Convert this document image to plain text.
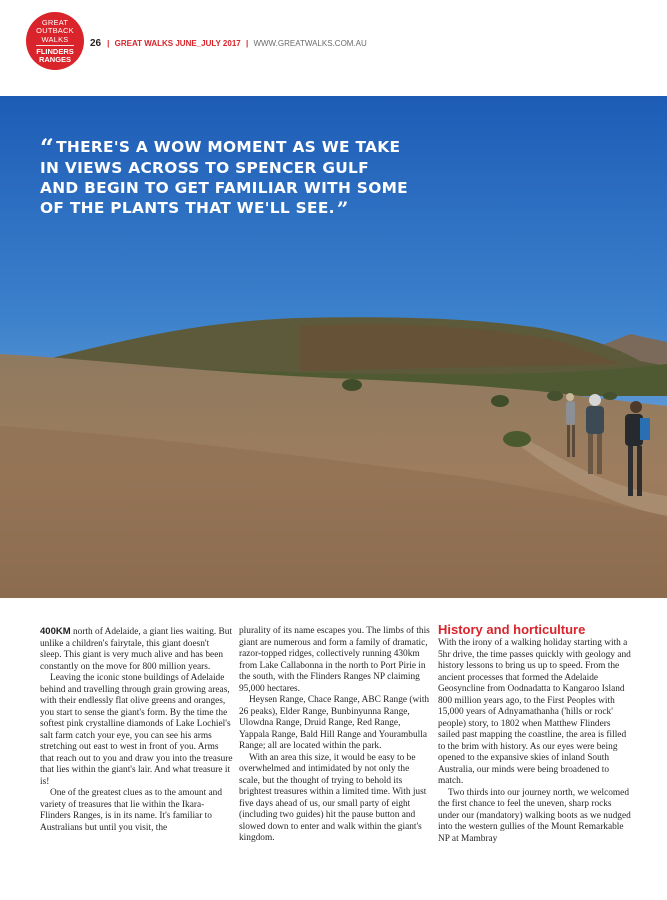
GREAT
OUTBACK
WALKS
FLINDERS
RANGES
26 | GREAT WALKS JUNE_JULY 2017 | WWW.GREATWALKS.COM.AU
“ THERE'S A WOW MOMENT AS WE TAKE
IN VIEWS ACROSS TO SPENCER GULF
AND BEGIN TO GET FAMILIAR WITH SOME
OF THE PLANTS THAT WE'LL SEE. ”

400KM north of Adelaide, a giant lies waiting. But unlike a children's fairytale, this giant doesn't sleep. This giant is very much alive and has been constantly on the move for 800 million years.

Leaving the iconic stone buildings of Adelaide behind and travelling through grain growing areas, with their endlessly flat olive greens and oranges, you start to sense the giant's form. By the time the softest pink crystalline diamonds of Lake Lochiel's salt farm catch your eye, you can see his arms stretching out east to west in front of you. Arms that reach out to you and draw you into the treasure that lies within the giant's lair. And what treasure it is!

One of the greatest clues as to the amount and variety of treasures that lie within the Ikara-Flinders Ranges, is in its name. It's familiar to Australians but until you visit, the

plurality of its name escapes you. The limbs of this giant are numerous and form a family of dramatic, razor-topped ridges, collectively running 430km from Lake Callabonna in the north to Port Pirie in the south, with the Flinders Ranges NP claiming 95,000 hectares.

Heysen Range, Chace Range, ABC Range (with 26 peaks), Elder Range, Bunbinyunna Range, Ulowdna Range, Druid Range, Red Range, Yappala Range, Bald Hill Range and Yourambulla Range; all are located within the park.

With an area this size, it would be easy to be overwhelmed and intimidated by not only the scale, but the thought of trying to behold its brightest treasures within a limited time. With just five days ahead of us, our small party of eight (including two guides) hit the pause button and slowed down to enter and walk within the giant's kingdom.

History and horticulture

With the irony of a walking holiday starting with a 5hr drive, the time passes quickly with geology and history lessons to bring us up to speed. From the ancient processes that formed the Adelaide Geosyncline from Oodnadatta to Kangaroo Island 800 million years ago, to the First Peoples with 15,000 years of Adnyamathanha ('hills or rock' people) story, to 1802 when Matthew Flinders sailed past mapping the coastline, the area is filled to the brim with history. As our eyes were being opened to the expansive skies of inland South Australia, our minds were being broadened to match.

Two thirds into our journey north, we welcomed the first chance to feel the uneven, sharp rocks under our (mandatory) walking boots as we nudged into the western gullies of the Mount Remarkable NP at Mambray
